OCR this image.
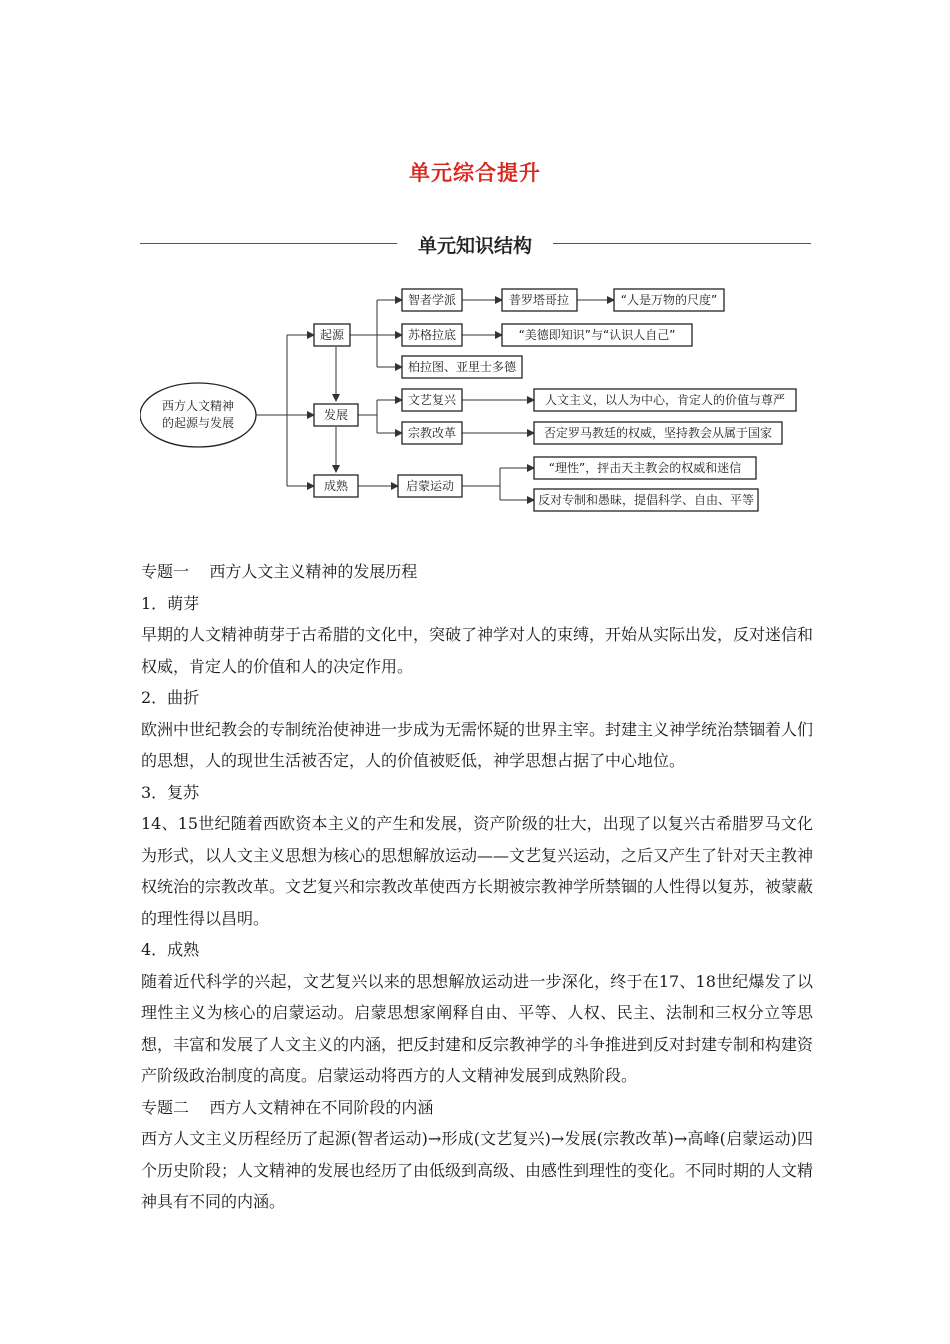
单元综合提升
单元知识结构
西方人文精神
的起源与发展
起源
发展
成熟
智者学派	普罗塔哥拉	“人是万物的尺度”
苏格拉底	“美德即知识”与“认识人自己”
柏拉图、亚里士多德
文艺复兴	人文主义，以人为中心，肯定人的价值与尊严
宗教改革	否定罗马教廷的权威，坚持教会从属于国家
启蒙运动
“理性”，抨击天主教会的权威和迷信
反对专制和愚昧，提倡科学、自由、平等

专题一 西方人文主义精神的发展历程

1．萌芽

早期的人文精神萌芽于古希腊的文化中，突破了神学对人的束缚，开始从实际出发，反对迷信和权威，肯定人的价值和人的决定作用。

2．曲折

欧洲中世纪教会的专制统治使神进一步成为无需怀疑的世界主宰。封建主义神学统治禁锢着人们的思想，人的现世生活被否定，人的价值被贬低，神学思想占据了中心地位。

3．复苏

14、15世纪随着西欧资本主义的产生和发展，资产阶级的壮大，出现了以复兴古希腊罗马文化为形式，以人文主义思想为核心的思想解放运动——文艺复兴运动，之后又产生了针对天主教神权统治的宗教改革。文艺复兴和宗教改革使西方长期被宗教神学所禁锢的人性得以复苏，被蒙蔽的理性得以昌明。

4．成熟

随着近代科学的兴起，文艺复兴以来的思想解放运动进一步深化，终于在17、18世纪爆发了以理性主义为核心的启蒙运动。启蒙思想家阐释自由、平等、人权、民主、法制和三权分立等思想，丰富和发展了人文主义的内涵，把反封建和反宗教神学的斗争推进到反对封建专制和构建资产阶级政治制度的高度。启蒙运动将西方的人文精神发展到成熟阶段。

专题二 西方人文精神在不同阶段的内涵

西方人文主义历程经历了起源(智者运动)→形成(文艺复兴)→发展(宗教改革)→高峰(启蒙运动)四个历史阶段；人文精神的发展也经历了由低级到高级、由感性到理性的变化。不同时期的人文精神具有不同的内涵。
